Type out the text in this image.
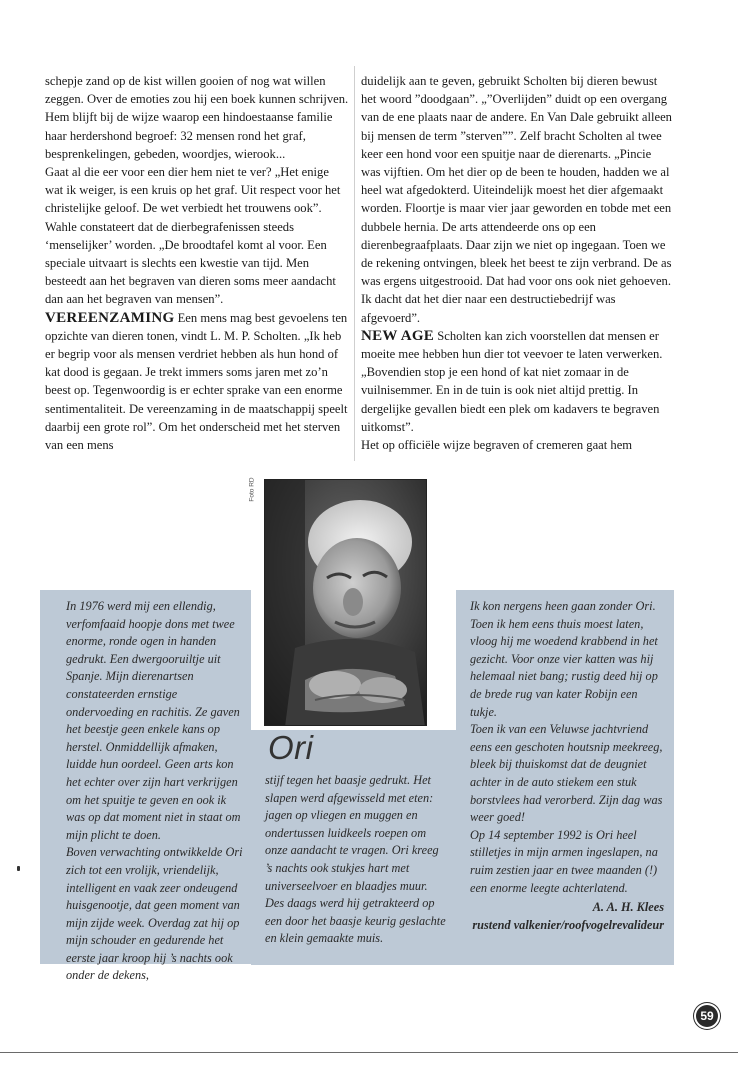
schepje zand op de kist willen gooien of nog wat willen zeggen. Over de emoties zou hij een boek kunnen schrijven. Hem blijft bij de wijze waarop een hindoestaanse familie haar herdershond begroef: 32 mensen rond het graf, besprenkelingen, gebeden, woordjes, wierook...

Gaat al die eer voor een dier hem niet te ver? „Het enige wat ik weiger, is een kruis op het graf. Uit respect voor het christelijke geloof. De wet verbiedt het trouwens ook”. Wahle constateert dat de dierbegrafenissen steeds ‘menselijker’ worden. „De broodtafel komt al voor. Een speciale uitvaart is slechts een kwestie van tijd. Men besteedt aan het begraven van dieren soms meer aandacht dan aan het begraven van mensen”.

VEREENZAMING Een mens mag best gevoelens ten opzichte van dieren tonen, vindt L. M. P. Scholten. „Ik heb er begrip voor als mensen verdriet hebben als hun hond of kat dood is gegaan. Je trekt immers soms jaren met zo’n beest op. Tegenwoordig is er echter sprake van een enorme sentimentaliteit. De vereenzaming in de maatschappij speelt daarbij een grote rol”. Om het onderscheid met het sterven van een mens

duidelijk aan te geven, gebruikt Scholten bij dieren bewust het woord ”doodgaan”. „”Overlijden” duidt op een overgang van de ene plaats naar de andere. En Van Dale gebruikt alleen bij mensen de term ”sterven””. Zelf bracht Scholten al twee keer een hond voor een spuitje naar de dierenarts. „Pincie was vijftien. Om het dier op de been te houden, hadden we al heel wat afgedokterd. Uiteindelijk moest het dier afgemaakt worden. Floortje is maar vier jaar geworden en tobde met een dubbele hernia. De arts attendeerde ons op een dierenbegraafplaats. Daar zijn we niet op ingegaan. Toen we de rekening ontvingen, bleek het beest te zijn verbrand. De as was ergens uitgestrooid. Dat had voor ons ook niet gehoeven. Ik dacht dat het dier naar een destructiebedrijf was afgevoerd”.

NEW AGE Scholten kan zich voorstellen dat mensen er moeite mee hebben hun dier tot veevoer te laten verwerken. „Bovendien stop je een hond of kat niet zomaar in de vuilnisemmer. En in de tuin is ook niet altijd prettig. In dergelijke gevallen biedt een plek om kadavers te begraven uitkomst”.

Het op officiële wijze begraven of cremeren gaat hem

Foto RD

In 1976 werd mij een ellendig, verfomfaaid hoopje dons met twee enorme, ronde ogen in handen gedrukt. Een dwergooruiltje uit Spanje. Mijn dierenartsen constateerden ernstige ondervoeding en rachitis. Ze gaven het beestje geen enkele kans op herstel. Onmiddellijk afmaken, luidde hun oordeel. Geen arts kon het echter over zijn hart verkrijgen om het spuitje te geven en ook ik was op dat moment niet in staat om mijn plicht te doen.

Boven verwachting ontwikkelde Ori zich tot een vrolijk, vriendelijk, intelligent en vaak zeer ondeugend huisgenootje, dat geen moment van mijn zijde week. Overdag zat hij op mijn schouder en gedurende het eerste jaar kroop hij ’s nachts ook onder de dekens,

stijf tegen het baasje gedrukt. Het slapen werd afgewisseld met eten: jagen op vliegen en muggen en ondertussen luidkeels roepen om onze aandacht te vragen. Ori kreeg ’s nachts ook stukjes hart met universeelvoer en blaadjes muur. Des daags werd hij getrakteerd op een door het baasje keurig geslachte en klein gemaakte muis.

Ik kon nergens heen gaan zonder Ori. Toen ik hem eens thuis moest laten, vloog hij me woedend krabbend in het gezicht. Voor onze vier katten was hij helemaal niet bang; rustig deed hij op de brede rug van kater Robijn een tukje.

Toen ik van een Veluwse jachtvriend eens een geschoten houtsnip meekreeg, bleek bij thuiskomst dat de deugniet achter in de auto stiekem een stuk borstvlees had verorberd. Zijn dag was weer goed!

Op 14 september 1992 is Ori heel stilletjes in mijn armen ingeslapen, na ruim zestien jaar en twee maanden (!) een enorme leegte achterlatend.

A. A. H. Klees
rustend valkenier/roofvogelrevalideur
Ori
59
